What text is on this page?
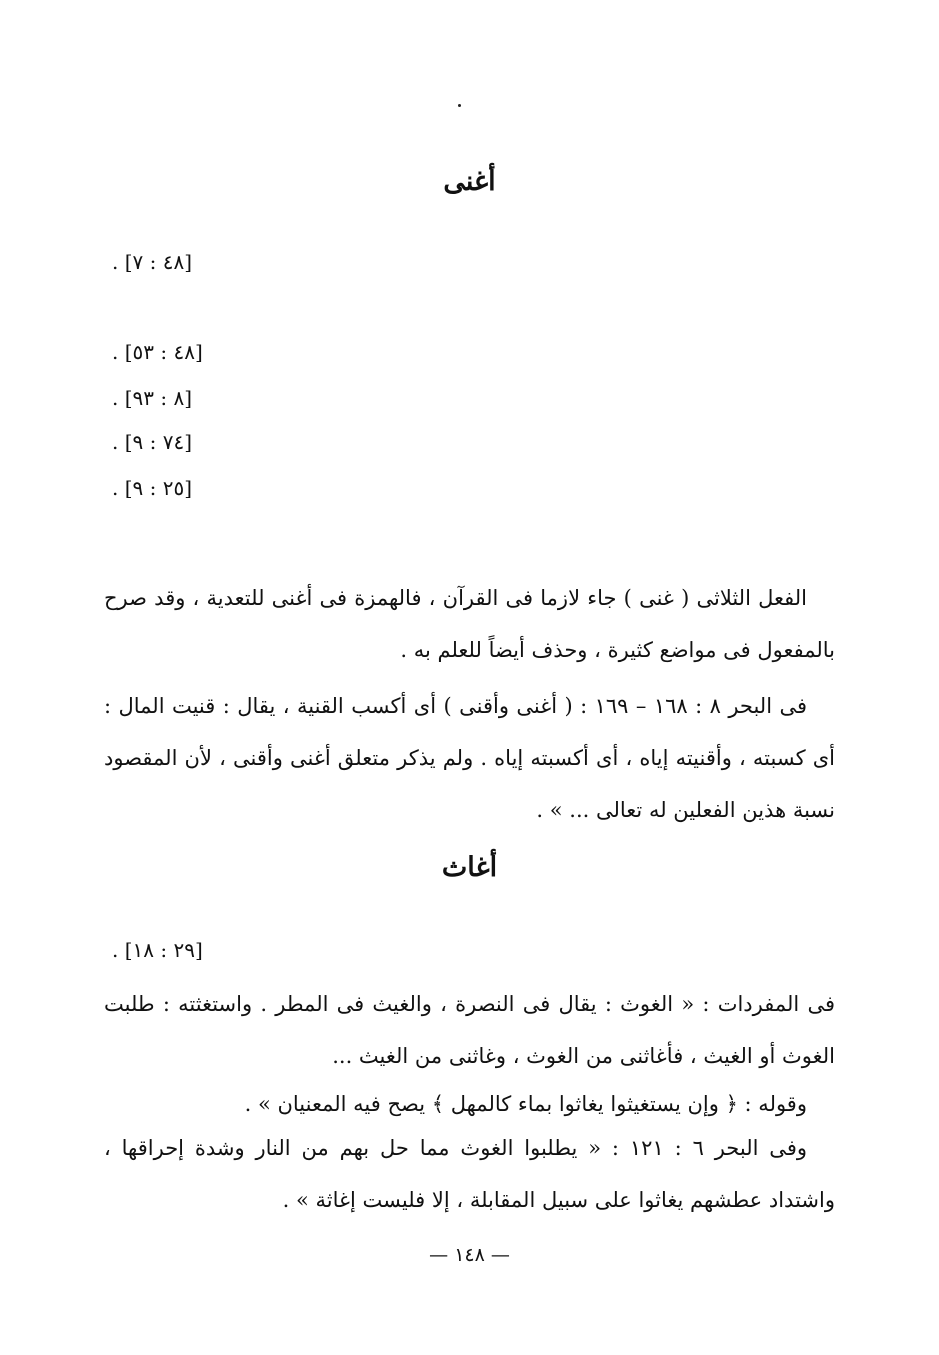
أغنى
. [٤٨ : ٧]
. [٤٨ : ٥٣]
. [٨ : ٩٣]
. [٧٤ : ٩]
. [٢٥ : ٩]
الفعل الثلاثى ( غنى ) جاء لازما فى القرآن ، فالهمزة فى أغنى للتعدية ، وقد صرح بالمفعول فى مواضع كثيرة ، وحذف أيضاً للعلم به .
فى البحر ٨ : ١٦٨ – ١٦٩ : ( أغنى وأقنى ) أى أكسب القنية ، يقال : قنيت المال : أى كسبته ، وأقنيته إياه ، أى أكسبته إياه . ولم يذكر متعلق أغنى وأقنى ، لأن المقصود نسبة هذين الفعلين له تعالى ... » .
أغاث
. [٢٩ : ١٨]
فى المفردات : « الغوث : يقال فى النصرة ، والغيث فى المطر . واستغثته : طلبت الغوث أو الغيث ، فأغاثنى من الغوث ، وغاثنى من الغيث ...
وقوله : ﴿ وإن يستغيثوا يغاثوا بماء كالمهل ﴾ يصح فيه المعنيان » .
وفى البحر ٦ : ١٢١ : « يطلبوا الغوث مما حل بهم من النار وشدة إحراقها ، واشتداد عطشهم يغاثوا على سبيل المقابلة ، إلا فليست إغاثة » .
— ١٤٨ —
